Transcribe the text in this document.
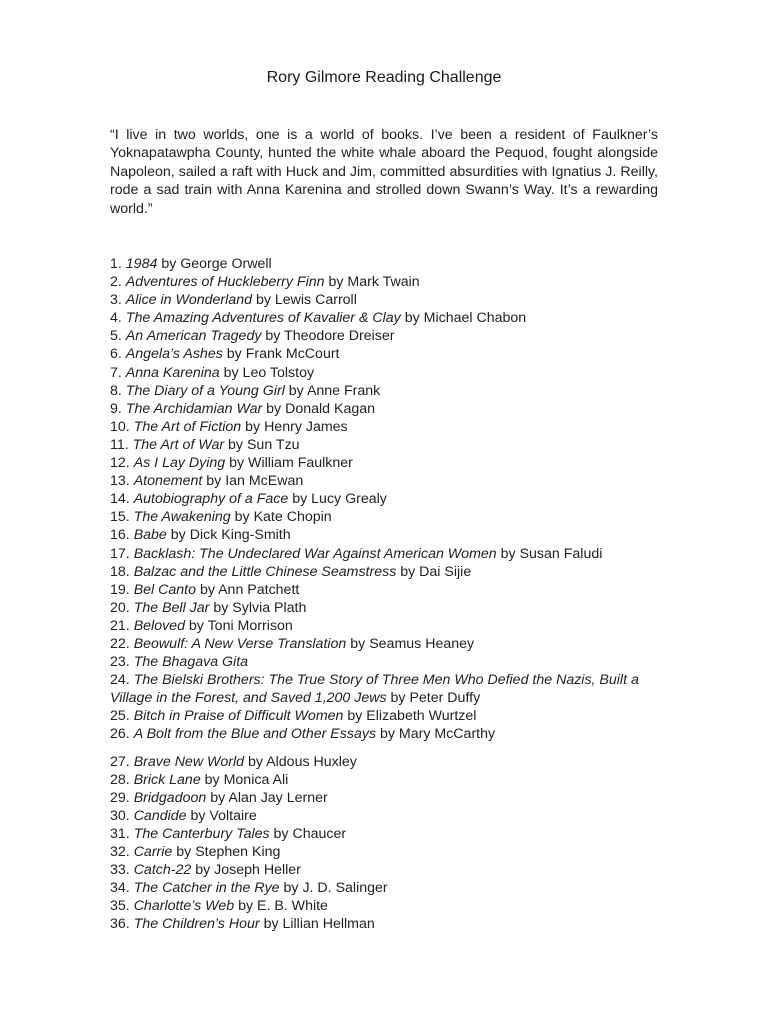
Rory Gilmore Reading Challenge

“I live in two worlds, one is a world of books. I’ve been a resident of Faulkner’s Yoknapatawpha County, hunted the white whale aboard the Pequod, fought alongside Napoleon, sailed a raft with Huck and Jim, committed absurdities with Ignatius J. Reilly, rode a sad train with Anna Karenina and strolled down Swann’s Way. It’s a rewarding world.”

1. 1984 by George Orwell
2. Adventures of Huckleberry Finn by Mark Twain
3. Alice in Wonderland by Lewis Carroll
4. The Amazing Adventures of Kavalier & Clay by Michael Chabon
5. An American Tragedy by Theodore Dreiser
6. Angela’s Ashes by Frank McCourt
7. Anna Karenina by Leo Tolstoy
8. The Diary of a Young Girl by Anne Frank
9. The Archidamian War by Donald Kagan
10. The Art of Fiction by Henry James
11. The Art of War by Sun Tzu
12. As I Lay Dying by William Faulkner
13. Atonement by Ian McEwan
14. Autobiography of a Face by Lucy Grealy
15. The Awakening by Kate Chopin
16. Babe by Dick King-Smith
17. Backlash: The Undeclared War Against American Women by Susan Faludi
18. Balzac and the Little Chinese Seamstress by Dai Sijie
19. Bel Canto by Ann Patchett
20. The Bell Jar by Sylvia Plath
21. Beloved by Toni Morrison
22. Beowulf: A New Verse Translation by Seamus Heaney
23. The Bhagava Gita
24. The Bielski Brothers: The True Story of Three Men Who Defied the Nazis, Built a Village in the Forest, and Saved 1,200 Jews by Peter Duffy
25. Bitch in Praise of Difficult Women by Elizabeth Wurtzel
26. A Bolt from the Blue and Other Essays by Mary McCarthy
27. Brave New World by Aldous Huxley
28. Brick Lane by Monica Ali
29. Bridgadoon by Alan Jay Lerner
30. Candide by Voltaire
31. The Canterbury Tales by Chaucer
32. Carrie by Stephen King
33. Catch-22 by Joseph Heller
34. The Catcher in the Rye by J. D. Salinger
35. Charlotte’s Web by E. B. White
36. The Children’s Hour by Lillian Hellman
